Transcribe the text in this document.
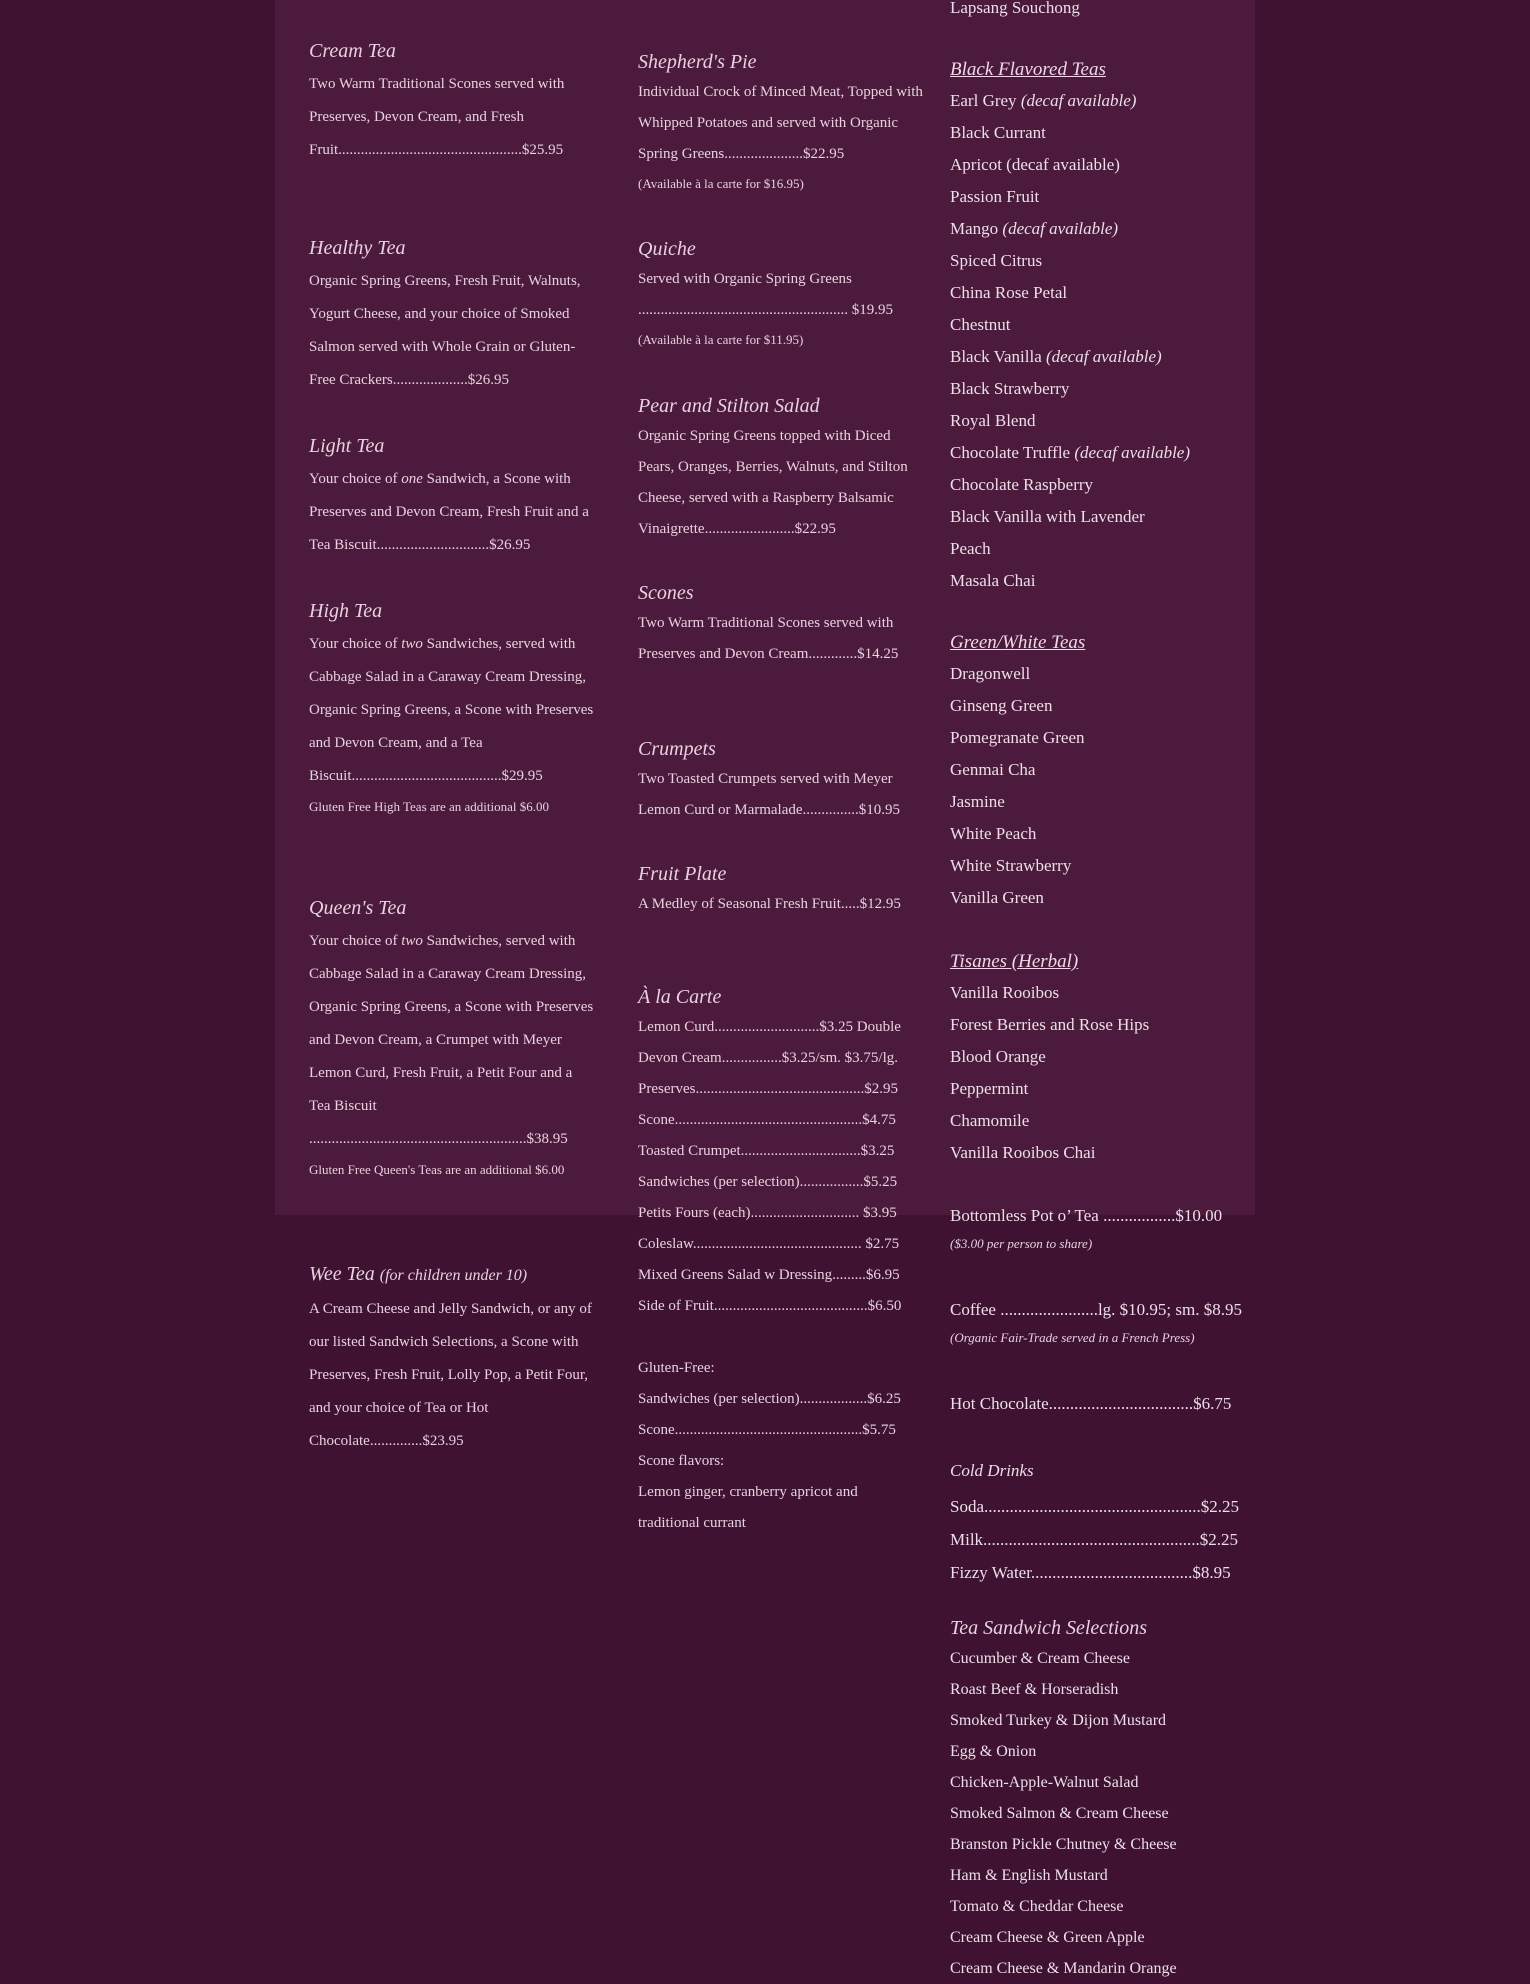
Cream Tea

Two Warm Traditional Scones served with Preserves, Devon Cream, and Fresh Fruit.................................................$25.95

Healthy Tea

Organic Spring Greens, Fresh Fruit, Walnuts, Yogurt Cheese, and your choice of Smoked Salmon served with Whole Grain or Gluten-Free Crackers....................$26.95

Light Tea

Your choice of one Sandwich, a Scone with Preserves and Devon Cream, Fresh Fruit and a Tea Biscuit..............................$26.95

High Tea

Your choice of two Sandwiches, served with Cabbage Salad in a Caraway Cream Dressing, Organic Spring Greens, a Scone with Preserves and Devon Cream, and a Tea Biscuit........................................$29.95

Gluten Free High Teas are an additional $6.00

Queen's Tea

Your choice of two Sandwiches, served with Cabbage Salad in a Caraway Cream Dressing, Organic Spring Greens, a Scone with Preserves and Devon Cream, a Crumpet with Meyer Lemon Curd, Fresh Fruit, a Petit Four and a Tea Biscuit ..........................................................$38.95

Gluten Free Queen's Teas are an additional $6.00

Wee Tea (for children under 10)

A Cream Cheese and Jelly Sandwich, or any of our listed Sandwich Selections, a Scone with Preserves, Fresh Fruit, Lolly Pop, a Petit Four, and your choice of Tea or Hot Chocolate..............$23.95

Shepherd's Pie

Individual Crock of Minced Meat, Topped with Whipped Potatoes and served with Organic Spring Greens.....................$22.95

(Available à la carte for $16.95)

Quiche

Served with Organic Spring Greens ........................................................ $19.95

(Available à la carte for $11.95)

Pear and Stilton Salad

Organic Spring Greens topped with Diced Pears, Oranges, Berries, Walnuts, and Stilton Cheese, served with a Raspberry Balsamic Vinaigrette........................$22.95

Scones

Two Warm Traditional Scones served with Preserves and Devon Cream.............$14.25

Crumpets

Two Toasted Crumpets served with Meyer Lemon Curd or Marmalade...............$10.95

Fruit Plate

A Medley of Seasonal Fresh Fruit.....$12.95

À la Carte

Lemon Curd............................$3.25 Double

Devon Cream................$3.25/sm. $3.75/lg.

Preserves.............................................$2.95

Scone..................................................$4.75

Toasted Crumpet................................$3.25

Sandwiches (per selection).................$5.25

Petits Fours (each)............................. $3.95

Coleslaw............................................. $2.75

Mixed Greens Salad w Dressing.........$6.95

Side of Fruit.........................................$6.50

Gluten-Free:

Sandwiches (per selection)..................$6.25

Scone..................................................$5.75

Scone flavors:

Lemon ginger, cranberry apricot and

traditional currant

Lapsang Souchong

Black Flavored Teas

Earl Grey (decaf available)
Black Currant
Apricot (decaf available)
Passion Fruit
Mango (decaf available)
Spiced Citrus
China Rose Petal
Chestnut
Black Vanilla (decaf available)
Black Strawberry
Royal Blend
Chocolate Truffle (decaf available)
Chocolate Raspberry
Black Vanilla with Lavender
Peach
Masala Chai

Green/White Teas

Dragonwell
Ginseng Green
Pomegranate Green
Genmai Cha
Jasmine
White Peach
White Strawberry
Vanilla Green

Tisanes (Herbal)

Vanilla Rooibos
Forest Berries and Rose Hips
Blood Orange
Peppermint
Chamomile
Vanilla Rooibos Chai

Bottomless Pot o’ Tea .................$10.00

($3.00 per person to share)

Coffee .......................lg. $10.95; sm. $8.95

(Organic Fair-Trade served in a French Press)

Hot Chocolate..................................$6.75

Cold Drinks

Soda...................................................$2.25

Milk...................................................$2.25

Fizzy Water......................................$8.95

Tea Sandwich Selections

Cucumber & Cream Cheese
Roast Beef & Horseradish
Smoked Turkey & Dijon Mustard
Egg & Onion
Chicken-Apple-Walnut Salad
Smoked Salmon & Cream Cheese
Branston Pickle Chutney & Cheese
Ham & English Mustard
Tomato & Cheddar Cheese
Cream Cheese & Green Apple
Cream Cheese & Mandarin Orange
